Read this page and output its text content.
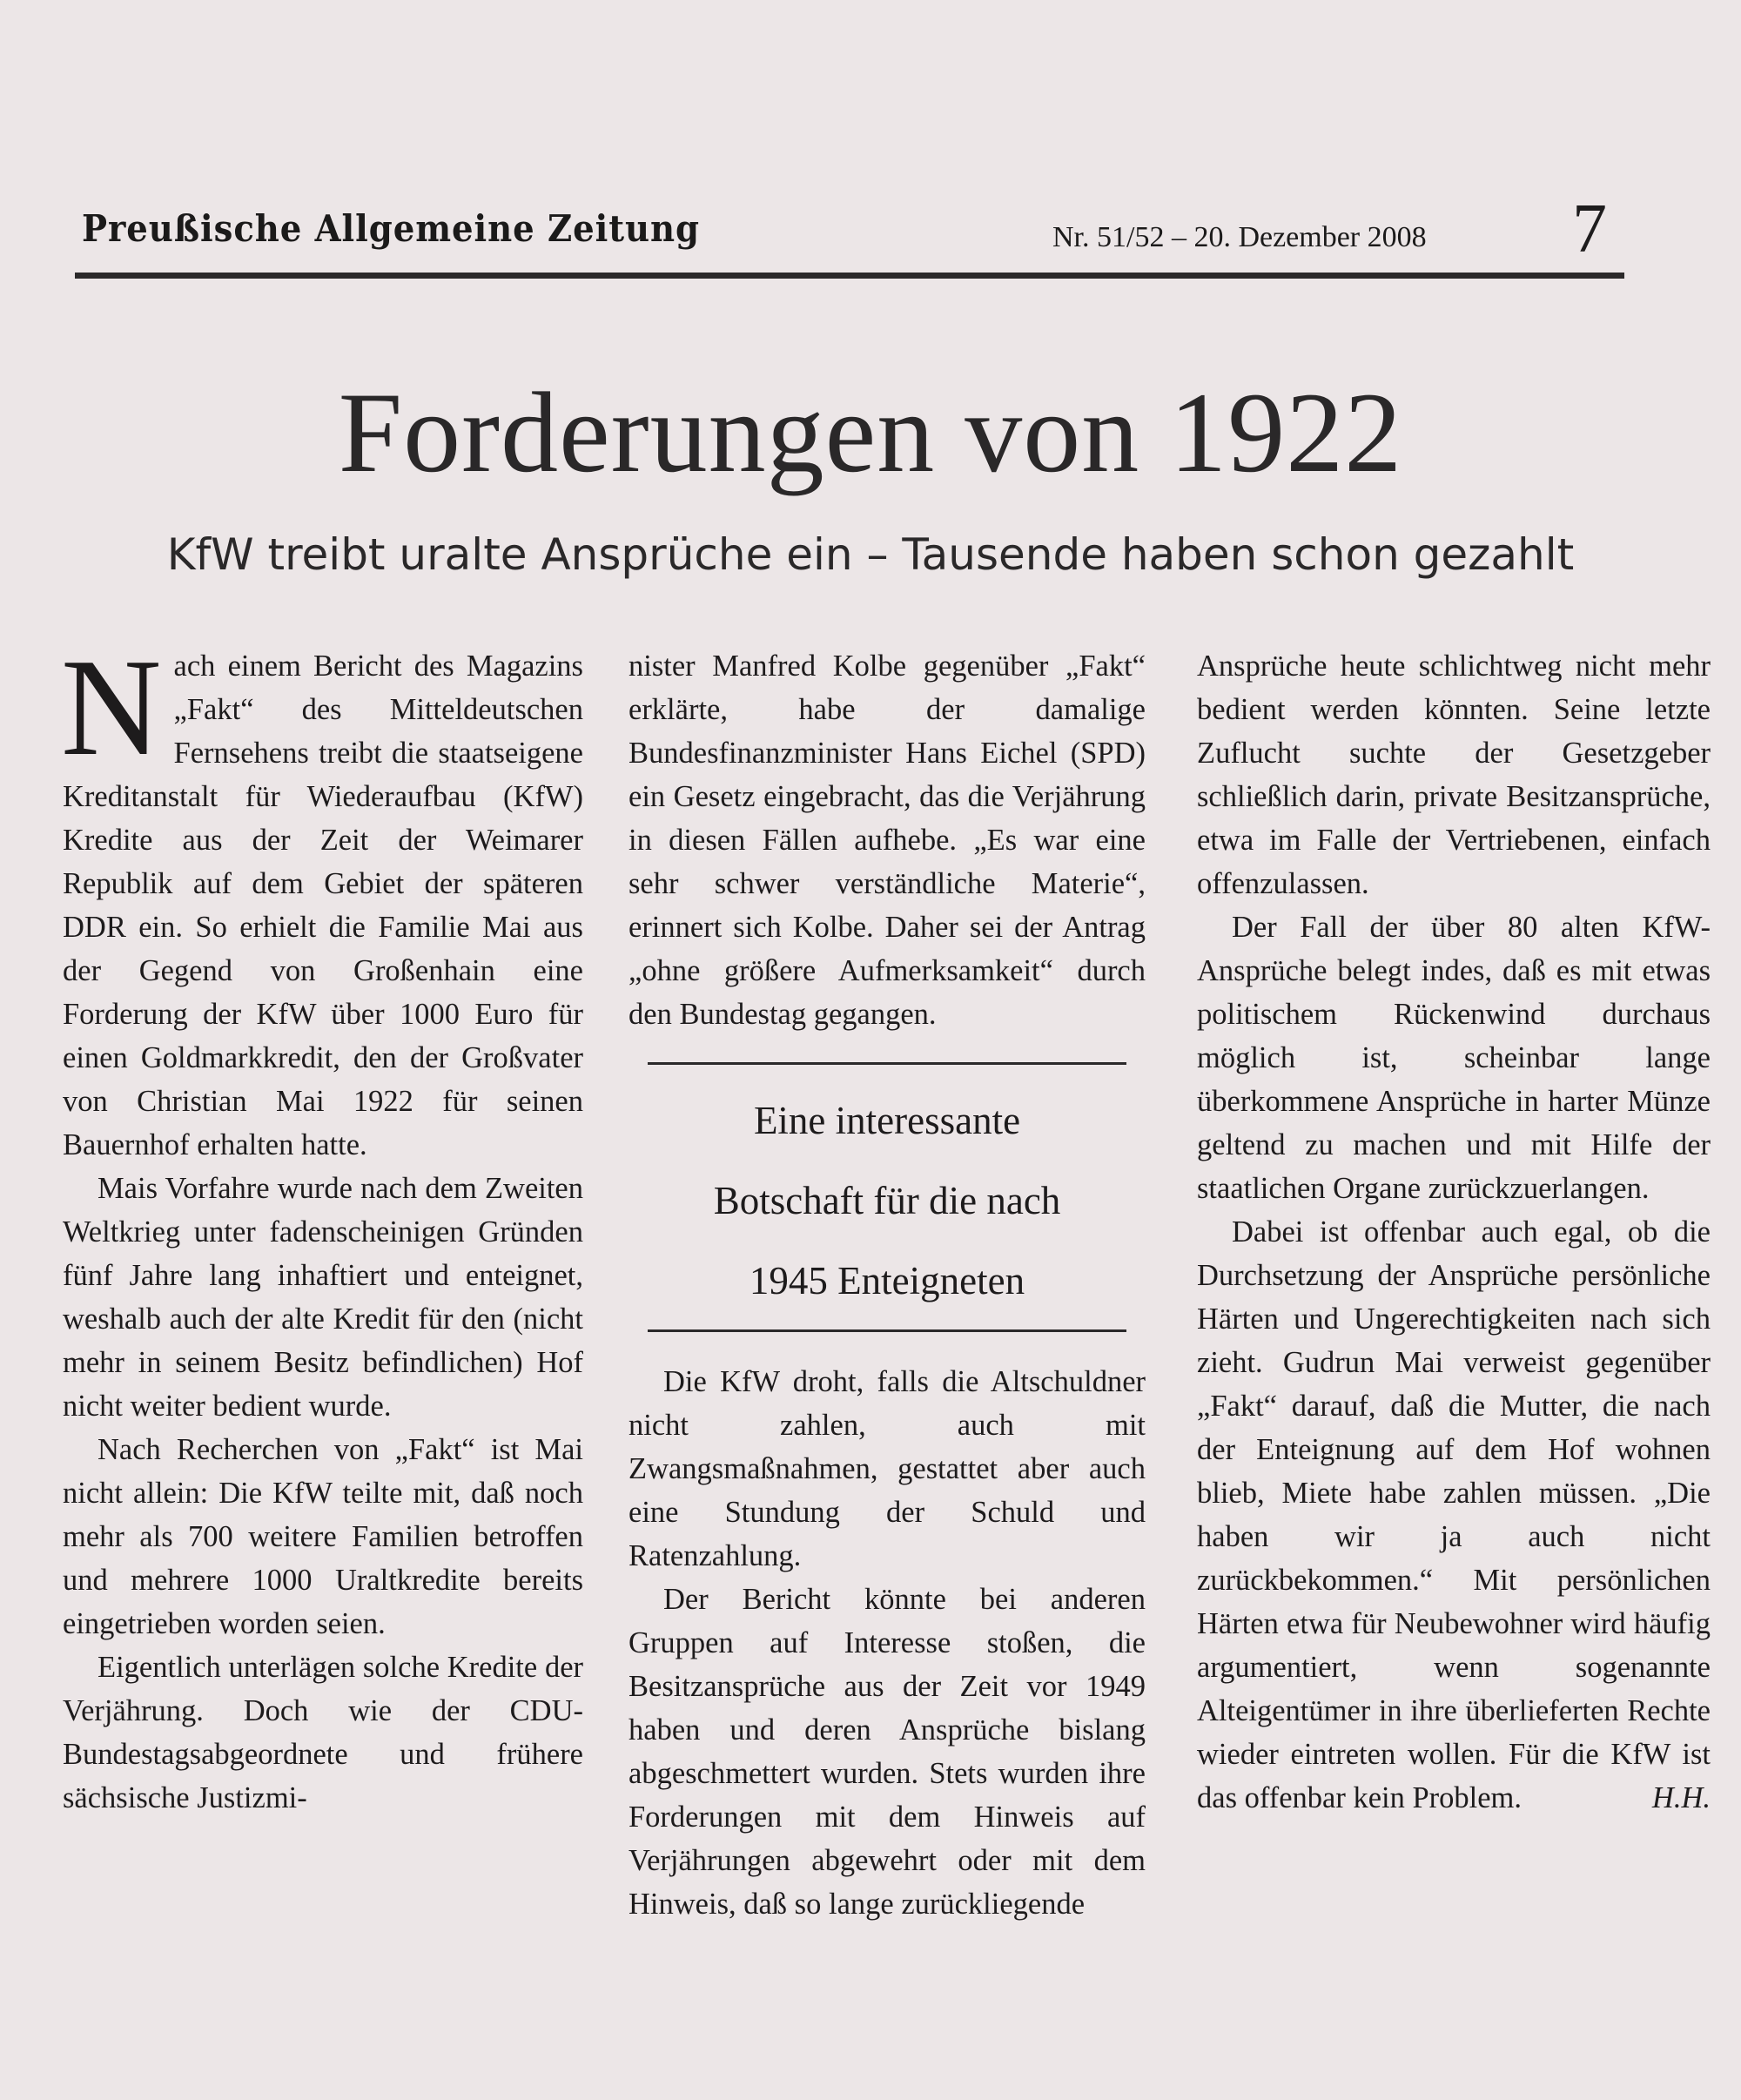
Preußische Allgemeine Zeitung	Nr. 51/52 – 20. Dezember 2008 7
Forderungen von 1922
KfW treibt uralte Ansprüche ein – Tausende haben schon gezahlt

Nach einem Bericht des Magazins „Fakt“ des Mitteldeutschen Fernsehens treibt die staatseigene Kreditanstalt für Wiederaufbau (KfW) Kredite aus der Zeit der Weimarer Republik auf dem Gebiet der späteren DDR ein. So erhielt die Familie Mai aus der Gegend von Großenhain eine Forderung der KfW über 1000 Euro für einen Goldmarkkredit, den der Großvater von Christian Mai 1922 für seinen Bauernhof erhalten hatte.

Mais Vorfahre wurde nach dem Zweiten Weltkrieg unter fadenscheinigen Gründen fünf Jahre lang inhaftiert und enteignet, weshalb auch der alte Kredit für den (nicht mehr in seinem Besitz befindlichen) Hof nicht weiter bedient wurde.

Nach Recherchen von „Fakt“ ist Mai nicht allein: Die KfW teilte mit, daß noch mehr als 700 weitere Familien betroffen und mehrere 1000 Uraltkredite bereits eingetrieben worden seien.

Eigentlich unterlägen solche Kredite der Verjährung. Doch wie der CDU-Bundestagsabgeordnete und frühere sächsische Justizmi-

nister Manfred Kolbe gegenüber „Fakt“ erklärte, habe der damalige Bundesfinanzminister Hans Eichel (SPD) ein Gesetz eingebracht, das die Verjährung in diesen Fällen aufhebe. „Es war eine sehr schwer verständliche Materie“, erinnert sich Kolbe. Daher sei der Antrag „ohne größere Aufmerksamkeit“ durch den Bundestag gegangen.

Eine interessante
Botschaft für die nach
1945 Enteigneten

Die KfW droht, falls die Altschuldner nicht zahlen, auch mit Zwangsmaßnahmen, gestattet aber auch eine Stundung der Schuld und Ratenzahlung.

Der Bericht könnte bei anderen Gruppen auf Interesse stoßen, die Besitzansprüche aus der Zeit vor 1949 haben und deren Ansprüche bislang abgeschmettert wurden. Stets wurden ihre Forderungen mit dem Hinweis auf Verjährungen abgewehrt oder mit dem Hinweis, daß so lange zurückliegende

Ansprüche heute schlichtweg nicht mehr bedient werden könnten. Seine letzte Zuflucht suchte der Gesetzgeber schließlich darin, private Besitzansprüche, etwa im Falle der Vertriebenen, einfach offenzulassen.

Der Fall der über 80 alten KfW-Ansprüche belegt indes, daß es mit etwas politischem Rückenwind durchaus möglich ist, scheinbar lange überkommene Ansprüche in harter Münze geltend zu machen und mit Hilfe der staatlichen Organe zurückzuerlangen.

Dabei ist offenbar auch egal, ob die Durchsetzung der Ansprüche persönliche Härten und Ungerechtigkeiten nach sich zieht. Gudrun Mai verweist gegenüber „Fakt“ darauf, daß die Mutter, die nach der Enteignung auf dem Hof wohnen blieb, Miete habe zahlen müssen. „Die haben wir ja auch nicht zurückbekommen.“ Mit persönlichen Härten etwa für Neubewohner wird häufig argumentiert, wenn sogenannte Alteigentümer in ihre überlieferten Rechte wieder eintreten wollen. Für die KfW ist das offenbar kein Problem.	H.H.
